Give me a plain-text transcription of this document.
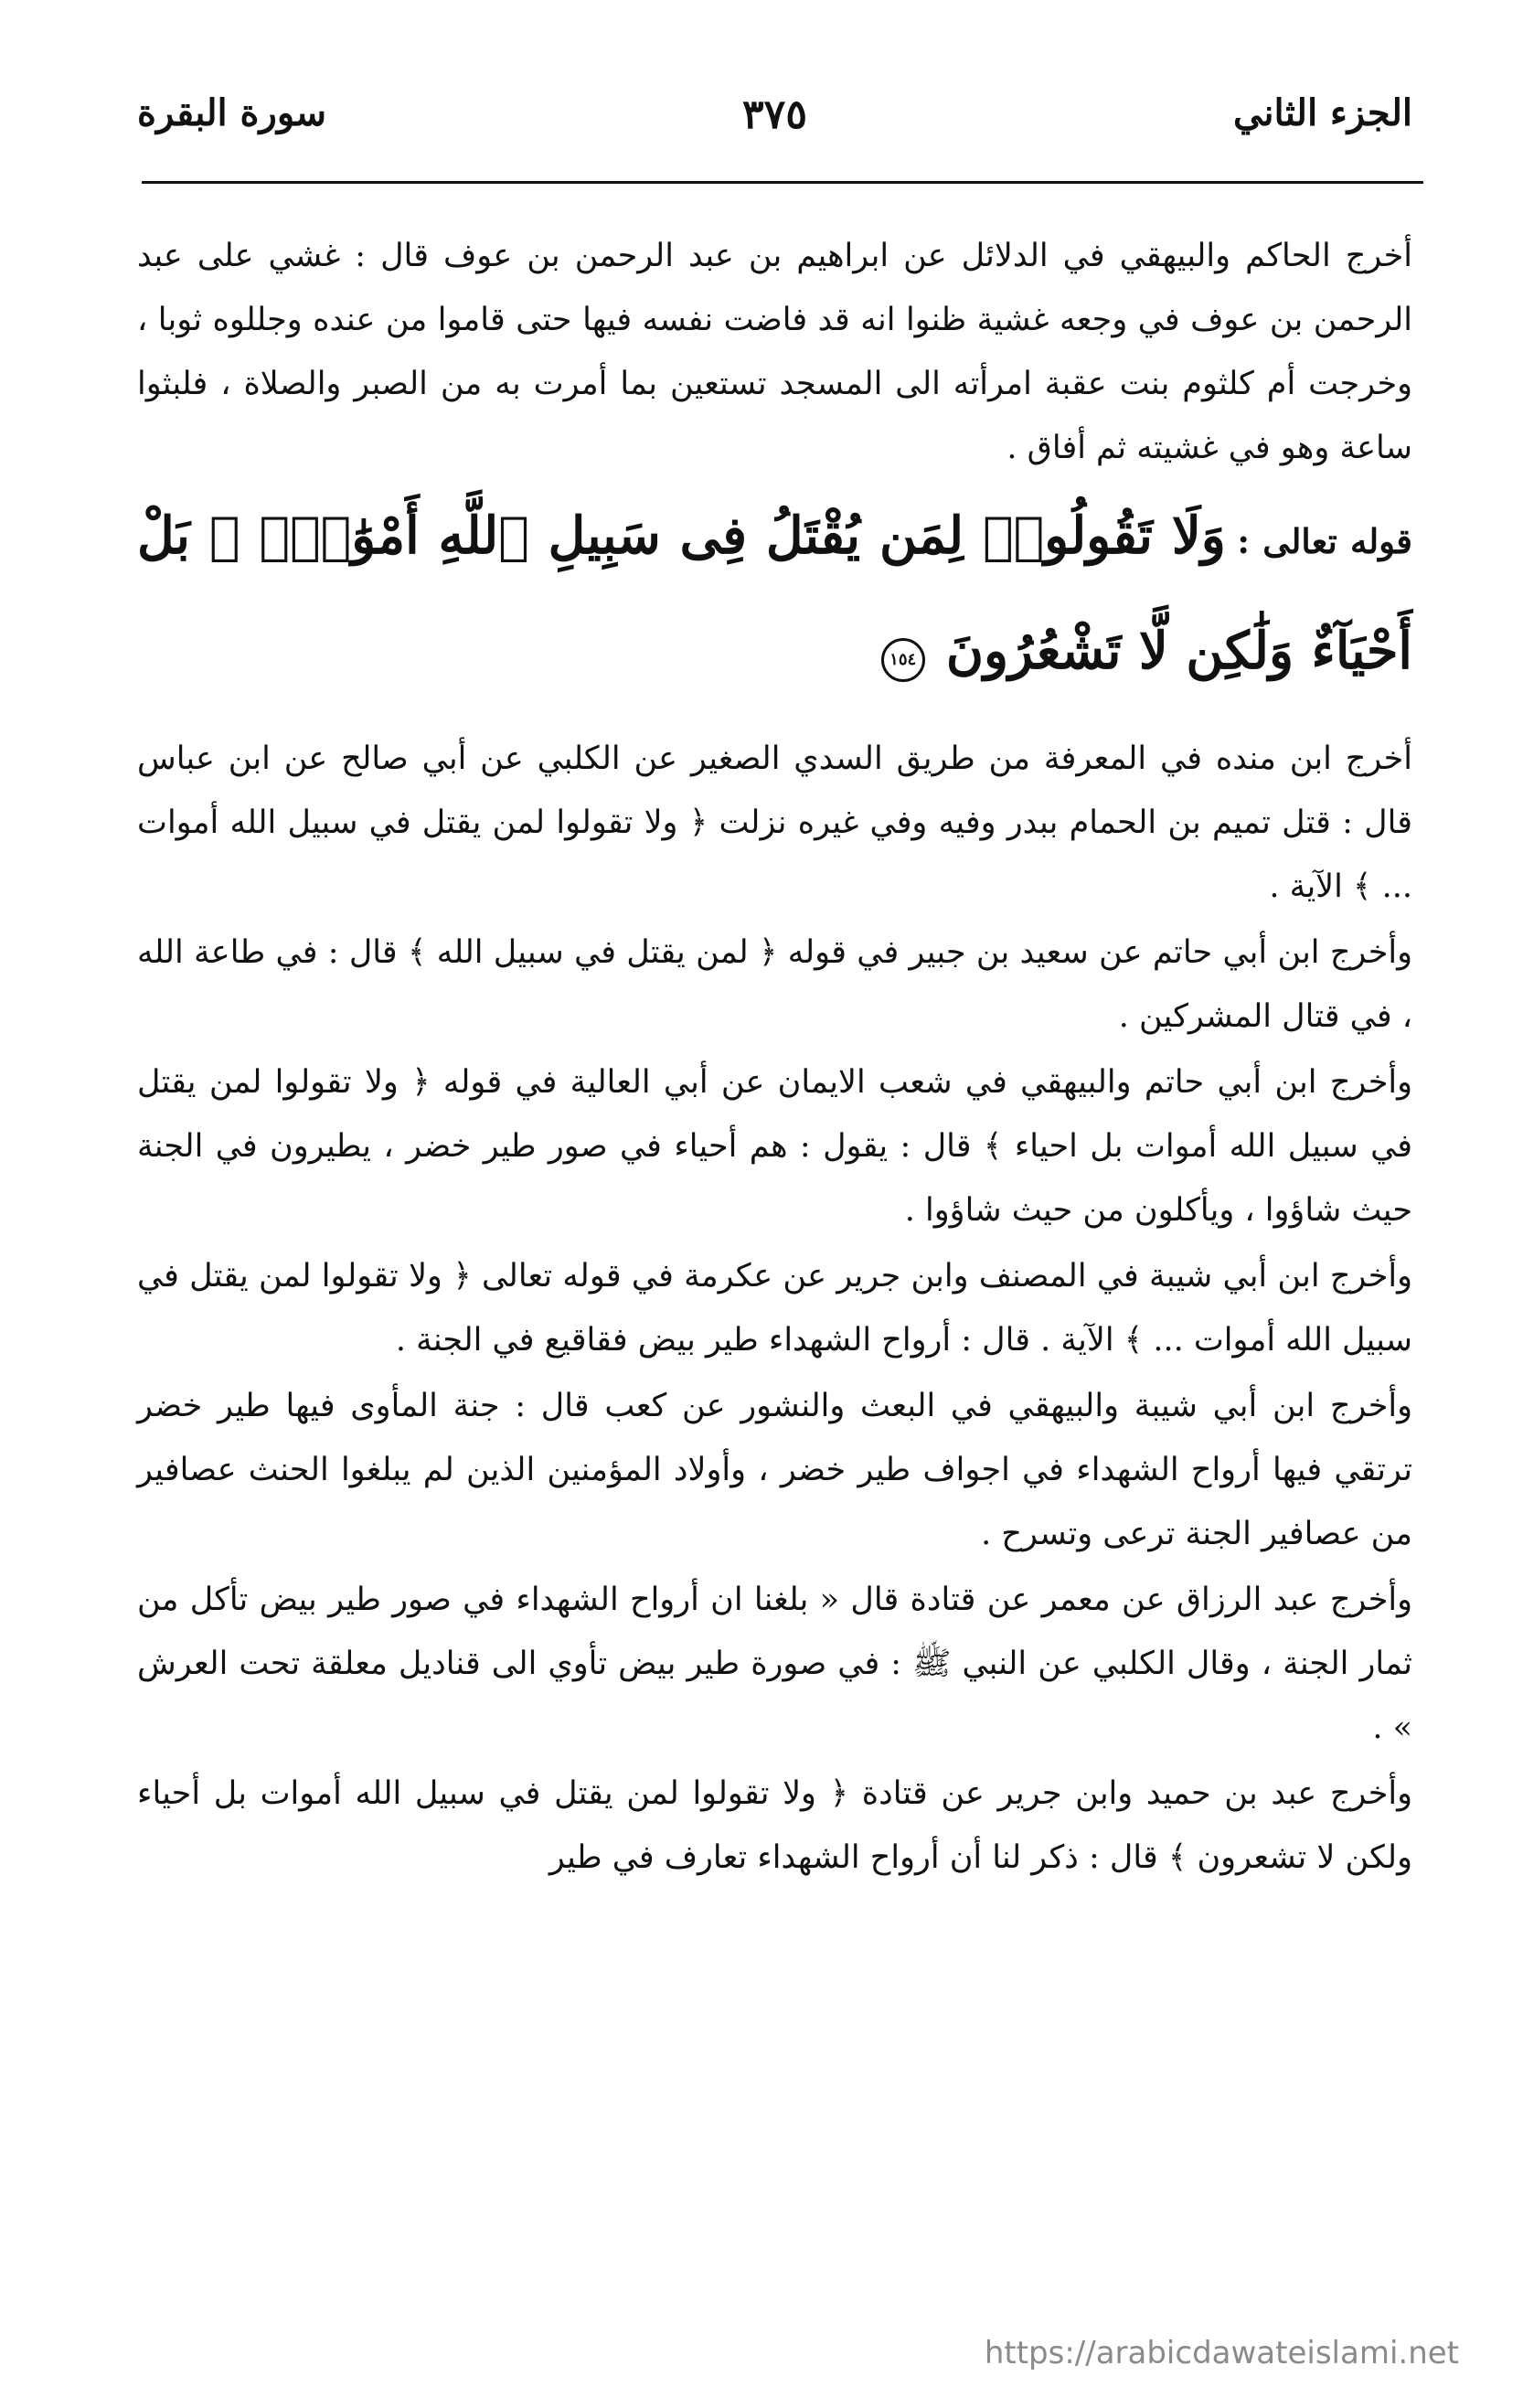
الجزء الثاني
٣٧٥
سورة البقرة

أخرج الحاكم والبيهقي في الدلائل عن ابراهيم بن عبد الرحمن بن عوف قال : غشي على عبد الرحمن بن عوف في وجعه غشية ظنوا انه قد فاضت نفسه فيها حتى قاموا من عنده وجللوه ثوبا ، وخرجت أم كلثوم بنت عقبة امرأته الى المسجد تستعين بما أمرت به من الصبر والصلاة ، فلبثوا ساعة وهو في غشيته ثم أفاق .

قوله تعالى : وَلَا تَقُولُوا۟ لِمَن يُقْتَلُ فِى سَبِيلِ ٱللَّهِ أَمْوَٰتٌۢ ۚ بَلْ أَحْيَآءٌ وَلَٰكِن لَّا تَشْعُرُونَ ١٥٤

أخرج ابن منده في المعرفة من طريق السدي الصغير عن الكلبي عن أبي صالح عن ابن عباس قال : قتل تميم بن الحمام ببدر وفيه وفي غيره نزلت ﴿ ولا تقولوا لمن يقتل في سبيل الله أموات ... ﴾ الآية .

وأخرج ابن أبي حاتم عن سعيد بن جبير في قوله ﴿ لمن يقتل في سبيل الله ﴾ قال : في طاعة الله ، في قتال المشركين .

وأخرج ابن أبي حاتم والبيهقي في شعب الايمان عن أبي العالية في قوله ﴿ ولا تقولوا لمن يقتل في سبيل الله أموات بل احياء ﴾ قال : يقول : هم أحياء في صور طير خضر ، يطيرون في الجنة حيث شاؤوا ، ويأكلون من حيث شاؤوا .

وأخرج ابن أبي شيبة في المصنف وابن جرير عن عكرمة في قوله تعالى ﴿ ولا تقولوا لمن يقتل في سبيل الله أموات ... ﴾ الآية . قال : أرواح الشهداء طير بيض فقاقيع في الجنة .

وأخرج ابن أبي شيبة والبيهقي في البعث والنشور عن كعب قال : جنة المأوى فيها طير خضر ترتقي فيها أرواح الشهداء في اجواف طير خضر ، وأولاد المؤمنين الذين لم يبلغوا الحنث عصافير من عصافير الجنة ترعى وتسرح .

وأخرج عبد الرزاق عن معمر عن قتادة قال « بلغنا ان أرواح الشهداء في صور طير بيض تأكل من ثمار الجنة ، وقال الكلبي عن النبي ﷺ : في صورة طير بيض تأوي الى قناديل معلقة تحت العرش » .

وأخرج عبد بن حميد وابن جرير عن قتادة ﴿ ولا تقولوا لمن يقتل في سبيل الله أموات بل أحياء ولكن لا تشعرون ﴾ قال : ذكر لنا أن أرواح الشهداء تعارف في طير

https://arabicdawateislami.net
